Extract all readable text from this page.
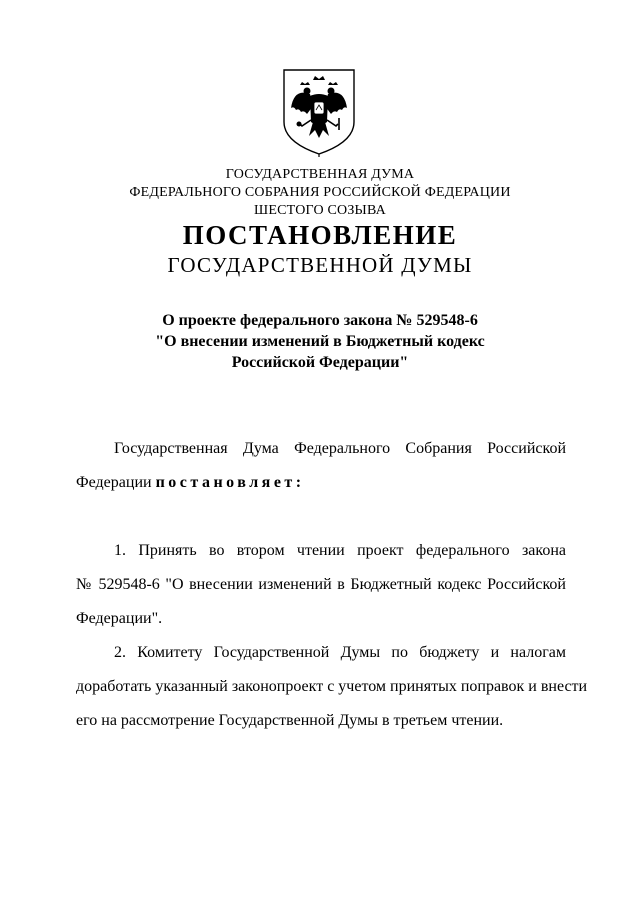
ГОСУДАРСТВЕННАЯ ДУМА
ФЕДЕРАЛЬНОГО СОБРАНИЯ РОССИЙСКОЙ ФЕДЕРАЦИИ
ШЕСТОГО СОЗЫВА
ПОСТАНОВЛЕНИЕ
ГОСУДАРСТВЕННОЙ ДУМЫ
О проекте федерального закона № 529548-6
"О внесении изменений в Бюджетный кодекс
Российской Федерации"
Государственная Дума Федерального Собрания Российской
Федерации постановляет:
1. Принять во втором чтении проект федерального закона
№ 529548-6 "О внесении изменений в Бюджетный кодекс Российской
Федерации".
2. Комитету Государственной Думы по бюджету и налогам
доработать указанный законопроект с учетом принятых поправок и внести
его на рассмотрение Государственной Думы в третьем чтении.
